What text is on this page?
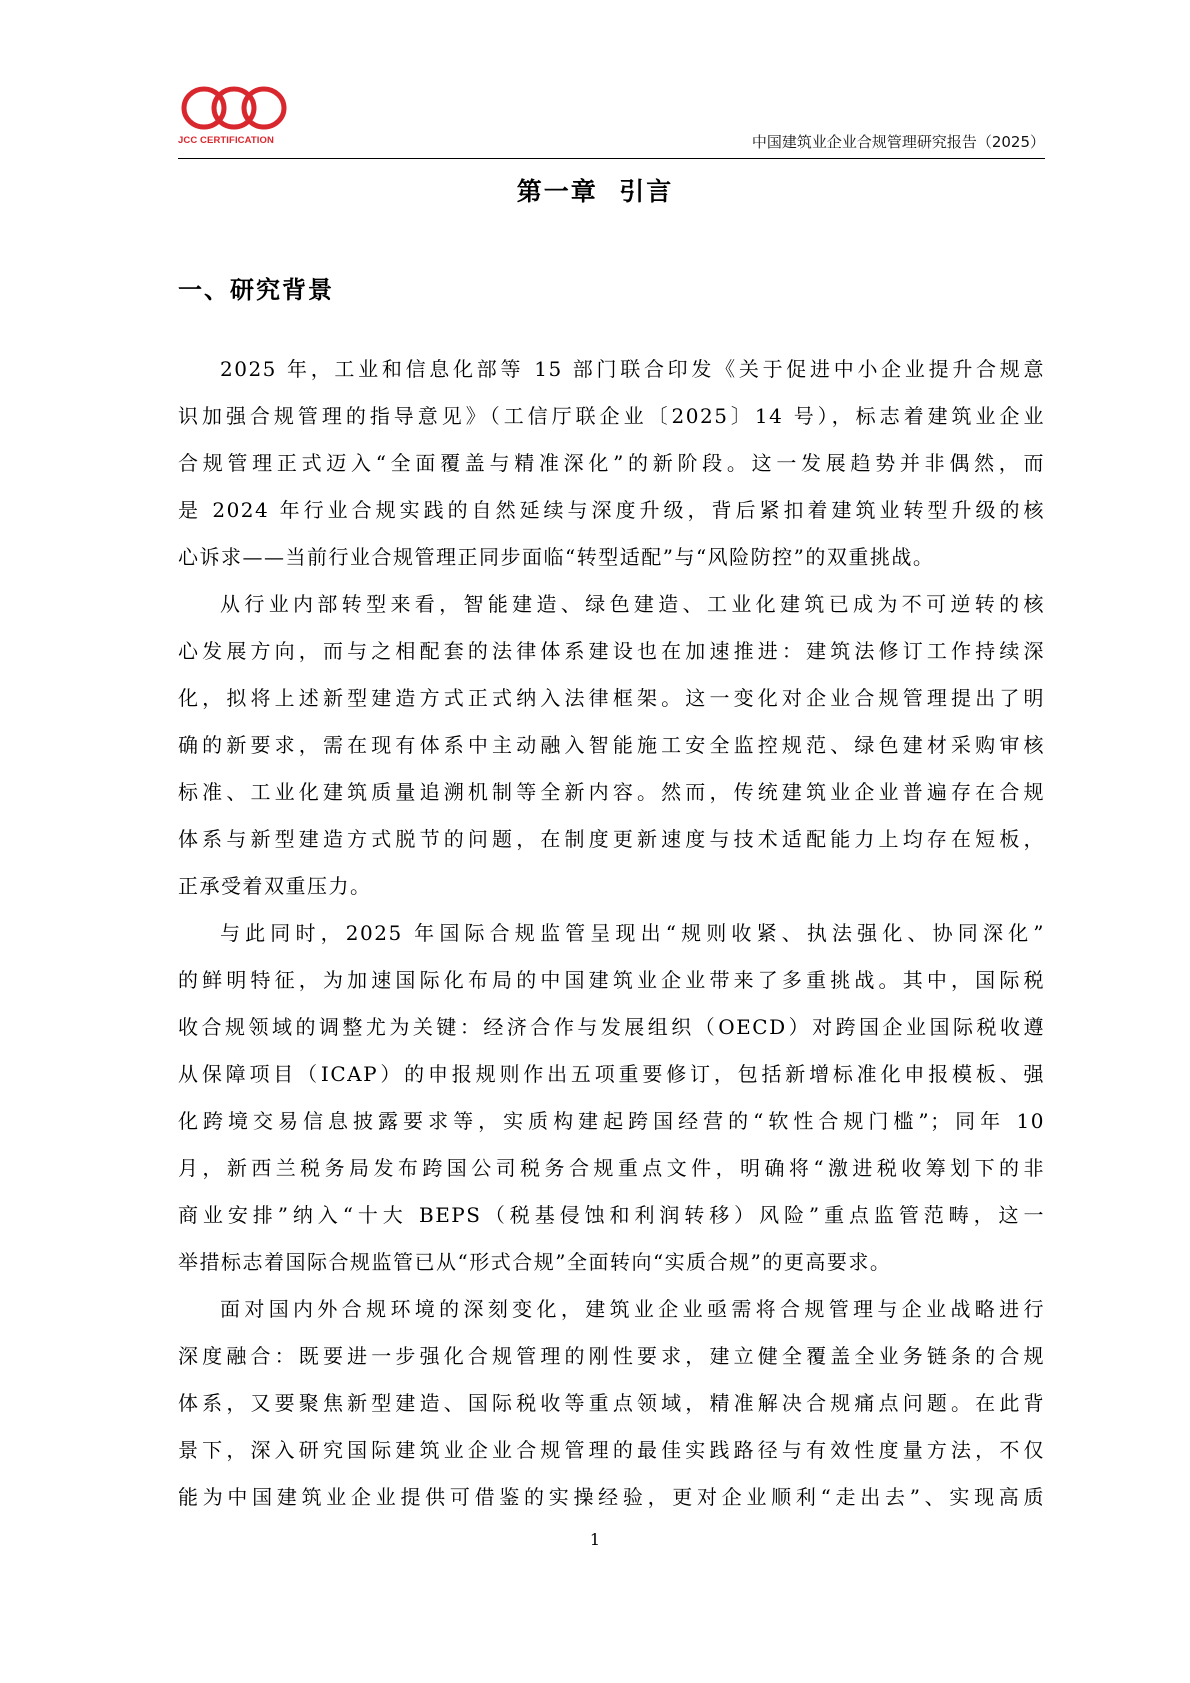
JCC CERTIFICATION	中国建筑业企业合规管理研究报告（2025）
第一章  引言
一、研究背景
2025 年，工业和信息化部等 15 部门联合印发《关于促进中小企业提升合规意
识加强合规管理的指导意见》（工信厅联企业〔2025〕14 号），标志着建筑业企业
合规管理正式迈入“全面覆盖与精准深化”的新阶段。这一发展趋势并非偶然，而
是 2024 年行业合规实践的自然延续与深度升级，背后紧扣着建筑业转型升级的核
心诉求——当前行业合规管理正同步面临“转型适配”与“风险防控”的双重挑战。
从行业内部转型来看，智能建造、绿色建造、工业化建筑已成为不可逆转的核
心发展方向，而与之相配套的法律体系建设也在加速推进：建筑法修订工作持续深
化，拟将上述新型建造方式正式纳入法律框架。这一变化对企业合规管理提出了明
确的新要求，需在现有体系中主动融入智能施工安全监控规范、绿色建材采购审核
标准、工业化建筑质量追溯机制等全新内容。然而，传统建筑业企业普遍存在合规
体系与新型建造方式脱节的问题，在制度更新速度与技术适配能力上均存在短板，
正承受着双重压力。
与此同时，2025 年国际合规监管呈现出“规则收紧、执法强化、协同深化”
的鲜明特征，为加速国际化布局的中国建筑业企业带来了多重挑战。其中，国际税
收合规领域的调整尤为关键：经济合作与发展组织（OECD）对跨国企业国际税收遵
从保障项目（ICAP）的申报规则作出五项重要修订，包括新增标准化申报模板、强
化跨境交易信息披露要求等，实质构建起跨国经营的“软性合规门槛”；同年 10
月，新西兰税务局发布跨国公司税务合规重点文件，明确将“激进税收筹划下的非
商业安排”纳入“十大 BEPS（税基侵蚀和利润转移）风险”重点监管范畴，这一
举措标志着国际合规监管已从“形式合规”全面转向“实质合规”的更高要求。
面对国内外合规环境的深刻变化，建筑业企业亟需将合规管理与企业战略进行
深度融合：既要进一步强化合规管理的刚性要求，建立健全覆盖全业务链条的合规
体系，又要聚焦新型建造、国际税收等重点领域，精准解决合规痛点问题。在此背
景下，深入研究国际建筑业企业合规管理的最佳实践路径与有效性度量方法，不仅
能为中国建筑业企业提供可借鉴的实操经验，更对企业顺利“走出去”、实现高质
1
